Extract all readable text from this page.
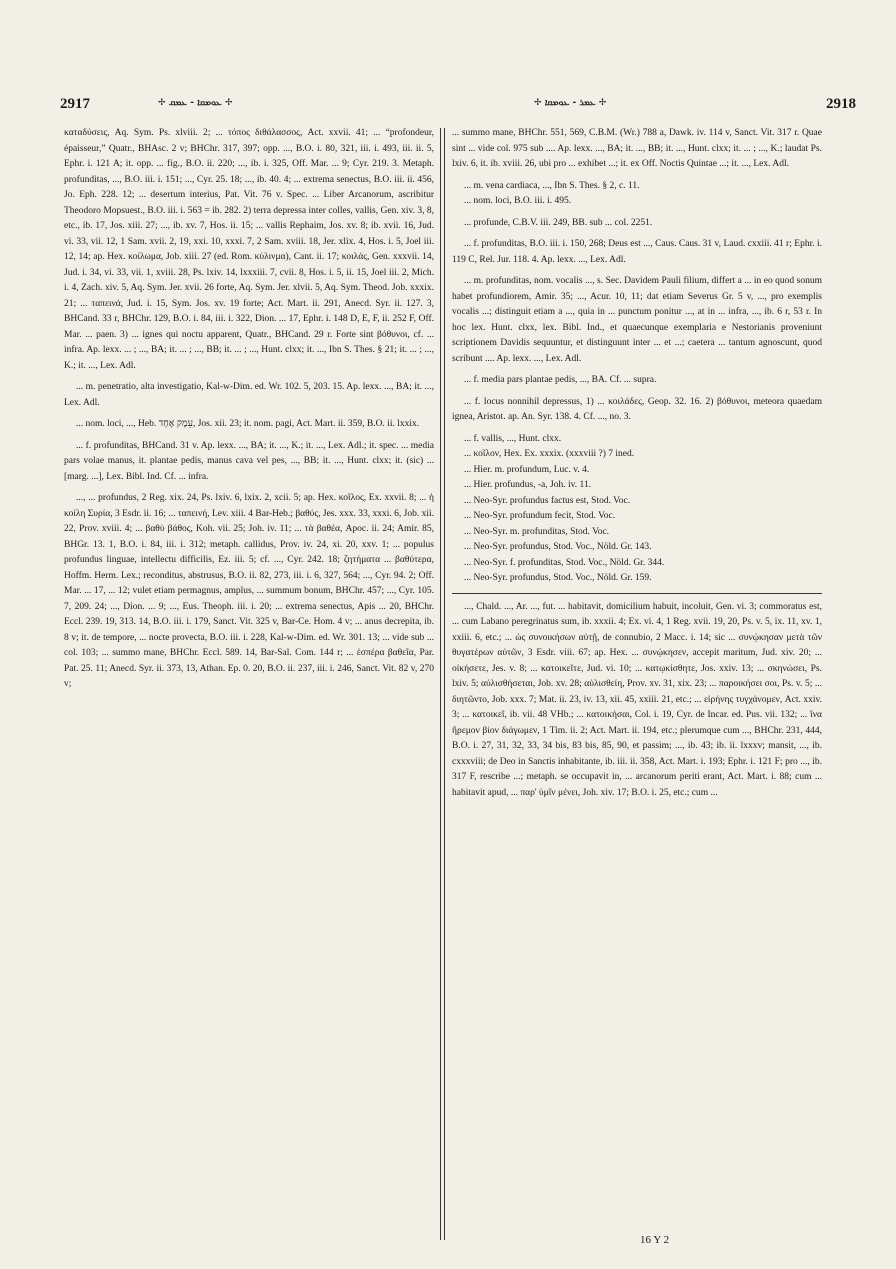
2917	✢ ܥܘܡܩܐ - ܥܡܩ ✢	✢ ܥܡܪ - ܥܘܡܩܐ ✢	2918

καταδύσεις, Aq. Sym. Ps. xlviii. 2; ... τόπος διθάλασσος, Act. xxvii. 41; ... “profondeur, épaisseur,” Quatr., BHAsc. 2 v; BHChr. 317, 397; opp. ..., B.O. i. 80, 321, iii. i. 493, iii. ii. 5, Ephr. i. 121 A; it. opp. ... fig., B.O. ii. 220; ..., ib. i. 325, Off. Mar. ... 9; Cyr. 219. 3. Metaph. profunditas, ..., B.O. iii. i. 151; ..., Cyr. 25. 18; ..., ib. 40. 4; ... extrema senectus, B.O. iii. ii. 456, Jo. Eph. 228. 12; ... desertum interius, Pat. Vit. 76 v. Spec. ... Liber Arcanorum, ascribitur Theodoro Mopsuest., B.O. iii. i. 563 = ib. 282. 2) terra depressa inter colles, vallis, Gen. xiv. 3, 8, etc., ib. 17, Jos. xiii. 27; ..., ib. xv. 7, Hos. ii. 15; ... vallis Rephaim, Jos. xv. 8; ib. xvii. 16, Jud. vi. 33, vii. 12, 1 Sam. xvii. 2, 19, xxi. 10, xxxi. 7, 2 Sam. xviii. 18, Jer. xlix. 4, Hos. i. 5, Joel iii. 12, 14; ap. Hex. κοίλωμα, Job. xiii. 27 (ed. Rom. κύλινμα), Cant. ii. 17; κοιλάς, Gen. xxxvii. 14, Jud. i. 34, vi. 33, vii. 1, xviii. 28, Ps. lxiv. 14, lxxxiii. 7, cvii. 8, Hos. i. 5, ii. 15, Joel iii. 2, Mich. i. 4, Zach. xiv. 5, Aq. Sym. Jer. xvii. 26 forte, Aq. Sym. Jer. xlvii. 5, Aq. Sym. Theod. Job. xxxix. 21; ... ταπεινά, Jud. i. 15, Sym. Jos. xv. 19 forte; Act. Mart. ii. 291, Anecd. Syr. ii. 127. 3, BHCand. 33 r, BHChr. 129, B.O. i. 84, iii. i. 322, Dion. ... 17, Ephr. i. 148 D, E, F, ii. 252 F, Off. Mar. ... paen. 3) ... ignes qui noctu apparent, Quatr., BHCand. 29 r. Forte sint βόθυνοι, cf. ... infra. Ap. lexx. ... ; ..., BA; it. ... ; ..., BB; it. ... ; ..., Hunt. clxx; it. ..., Ibn S. Thes. § 21; it. ... ; ..., K.; it. ..., Lex. Adl.

... m. penetratio, alta investigatio, Kal-w-Dim. ed. Wr. 102. 5, 203. 15. Ap. lexx. ..., BA; it. ..., Lex. Adl.

... nom. loci, ..., Heb. עֵמֶק אֶחָד, Jos. xii. 23; it. nom. pagi, Act. Mart. ii. 359, B.O. ii. lxxix.

... f. profunditas, BHCand. 31 v. Ap. lexx. ..., BA; it. ..., K.; it. ..., Lex. Adl.; it. spec. ... media pars volae manus, it. plantae pedis, manus cava vel pes, ..., BB; it. ..., Hunt. clxx; it. (sic) ... [marg. ...], Lex. Bibl. Ind. Cf. ... infra.

..., ... profundus, 2 Reg. xix. 24, Ps. lxiv. 6, lxix. 2, xcii. 5; ap. Hex. κοῖλος, Ex. xxvii. 8; ... ἡ κοίλη Συρία, 3 Esdr. ii. 16; ... ταπεινή, Lev. xiii. 4 Bar-Heb.; βαθύς, Jes. xxx. 33, xxxi. 6, Job. xii. 22, Prov. xviii. 4; ... βαθὺ βάθος, Koh. vii. 25; Joh. iv. 11; ... τὰ βαθέα, Apoc. ii. 24; Amir. 85, BHGr. 13. 1, B.O. i. 84, iii. i. 312; metaph. callidus, Prov. iv. 24, xi. 20, xxv. 1; ... populus profundus linguae, intellectu difficilis, Ez. iii. 5; cf. ..., Cyr. 242. 18; ζητήματα ... βαθύτερα, Hoffm. Herm. Lex.; reconditus, abstrusus, B.O. ii. 82, 273, iii. i. 6, 327, 564; ..., Cyr. 94. 2; Off. Mar. ... 17, ... 12; vulet etiam permagnus, amplus, ... summum bonum, BHChr. 457; ..., Cyr. 105. 7, 209. 24; ..., Dion. ... 9; ..., Eus. Theoph. iii. i. 20; ... extrema senectus, Apis ... 20, BHChr. Eccl. 239. 19, 313. 14, B.O. iii. i. 179, Sanct. Vit. 325 v, Bar-Ce. Hom. 4 v; ... anus decrepita, ib. 8 v; it. de tempore, ... nocte provecta, B.O. iii. i. 228, Kal-w-Dim. ed. Wr. 301. 13; ... vide sub ... col. 103; ... summo mane, BHChr. Eccl. 589. 14, Bar-Sal. Com. 144 r; ... ἑσπέρα βαθεῖα, Par. Pat. 25. 11; Anecd. Syr. ii. 373, 13, Athan. Ep. 0. 20, B.O. ii. 237, iii. i. 246, Sanct. Vit. 82 v, 270 v;

... summo mane, BHChr. 551, 569, C.B.M. (Wr.) 788 a, Dawk. iv. 114 v, Sanct. Vit. 317 r. Quae sint ... vide col. 975 sub .... Ap. lexx. ..., BA; it. ..., BB; it. ..., Hunt. clxx; it. ... ; ..., K.; laudat Ps. lxiv. 6, it. ib. xviii. 26, ubi pro ... exhibet ...; it. ex Off. Noctis Quintae ...; it. ..., Lex. Adl.

... m. vena cardiaca, ..., Ibn S. Thes. § 2, c. 11.

... nom. loci, B.O. iii. i. 495.

... profunde, C.B.V. iii. 249, BB. sub ... col. 2251.

... f. profunditas, B.O. iii. i. 150, 268; Deus est ..., Caus. Caus. 31 v, Laud. cxxiii. 41 r; Ephr. i. 119 C, Rel. Jur. 118. 4. Ap. lexx. ..., Lex. Adl.

... m. profunditas, nom. vocalis ..., s. Sec. Davidem Pauli filium, differt a ... in eo quod sonum habet profundiorem, Amir. 35; ..., Acur. 10, 11; dat etiam Severus Gr. 5 v, ..., pro exemplis vocalis ...; distinguit etiam a ..., quia in ... punctum ponitur ..., at in ... infra, ..., ib. 6 r, 53 r. In hoc lex. Hunt. clxx, lex. Bibl. Ind., et quaecunque exemplaria e Nestorianis proveniunt scriptionem Davidis sequuntur, et distinguunt inter ... et ...; caetera ... tantum agnoscunt, quod scribunt .... Ap. lexx. ..., Lex. Adl.

... f. media pars plantae pedis, ..., BA. Cf. ... supra.

... f. locus nonnihil depressus, 1) ... κοιλάδες, Geop. 32. 16. 2) βόθυνοι, meteora quaedam ignea, Aristot. ap. An. Syr. 138. 4. Cf. ..., no. 3.

... f. vallis, ..., Hunt. clxx.

... κοῖλον, Hex. Ex. xxxix. (xxxviii ?) 7 ined.

... Hier. m. profundum, Luc. v. 4.

... Hier. profundus, -a, Joh. iv. 11.

... Neo-Syr. profundus factus est, Stod. Voc.

... Neo-Syr. profundum fecit, Stod. Voc.

... Neo-Syr. m. profunditas, Stod. Voc.

... Neo-Syr. profundus, Stod. Voc., Nöld. Gr. 143.

... Neo-Syr. f. profunditas, Stod. Voc., Nöld. Gr. 344.

... Neo-Syr. profundus, Stod. Voc., Nöld. Gr. 159.

..., Chald. ..., Ar. ..., fut. ... habitavit, domicilium habuit, incoluit, Gen. vi. 3; commoratus est, ... cum Labano peregrinatus sum, ib. xxxii. 4; Ex. vi. 4, 1 Reg. xvii. 19, 20, Ps. v. 5, ix. 11, xv. 1, xxiii. 6, etc.; ... ὡς συνοικήσων αὐτῇ, de connubio, 2 Macc. i. 14; sic ... συνῴκησαν μετὰ τῶν θυγατέρων αὐτῶν, 3 Esdr. viii. 67; ap. Hex. ... συνῴκησεν, accepit maritum, Jud. xiv. 20; ... οἰκήσετε, Jes. v. 8; ... κατοικεῖτε, Jud. vi. 10; ... κατῳκίσθητε, Jos. xxiv. 13; ... σκηνώσει, Ps. lxiv. 5; αὐλισθήσεται, Job. xv. 28; αὐλισθείη, Prov. xv. 31, xix. 23; ... παροικήσει σοι, Ps. v. 5; ... διητῶντο, Job. xxx. 7; Mat. ii. 23, iv. 13, xii. 45, xxiii. 21, etc.; ... εἰρήνης τυγχάνομεν, Act. xxiv. 3; ... κατοικεῖ, ib. vii. 48 VHb.; ... κατοικήσαι, Col. i. 19, Cyr. de Incar. ed. Pus. vii. 132; ... ἵνα ἤρεμον βίον διάγωμεν, 1 Tim. ii. 2; Act. Mart. ii. 194, etc.; plerumque cum ..., BHChr. 231, 444, B.O. i. 27, 31, 32, 33, 34 bis, 83 bis, 85, 90, et passim; ..., ib. 43; ib. ii. lxxxv; mansit, ..., ib. cxxxviii; de Deo in Sanctis inhabitante, ib. iii. ii. 358, Act. Mart. i. 193; Ephr. i. 121 F; pro ..., ib. 317 F, rescribe ...; metaph. se occupavit in, ... arcanorum periti erant, Act. Mart. i. 88; cum ... habitavit apud, ... παρ' ὑμῖν μένει, Joh. xiv. 17; B.O. i. 25, etc.; cum ...

16 Y 2
